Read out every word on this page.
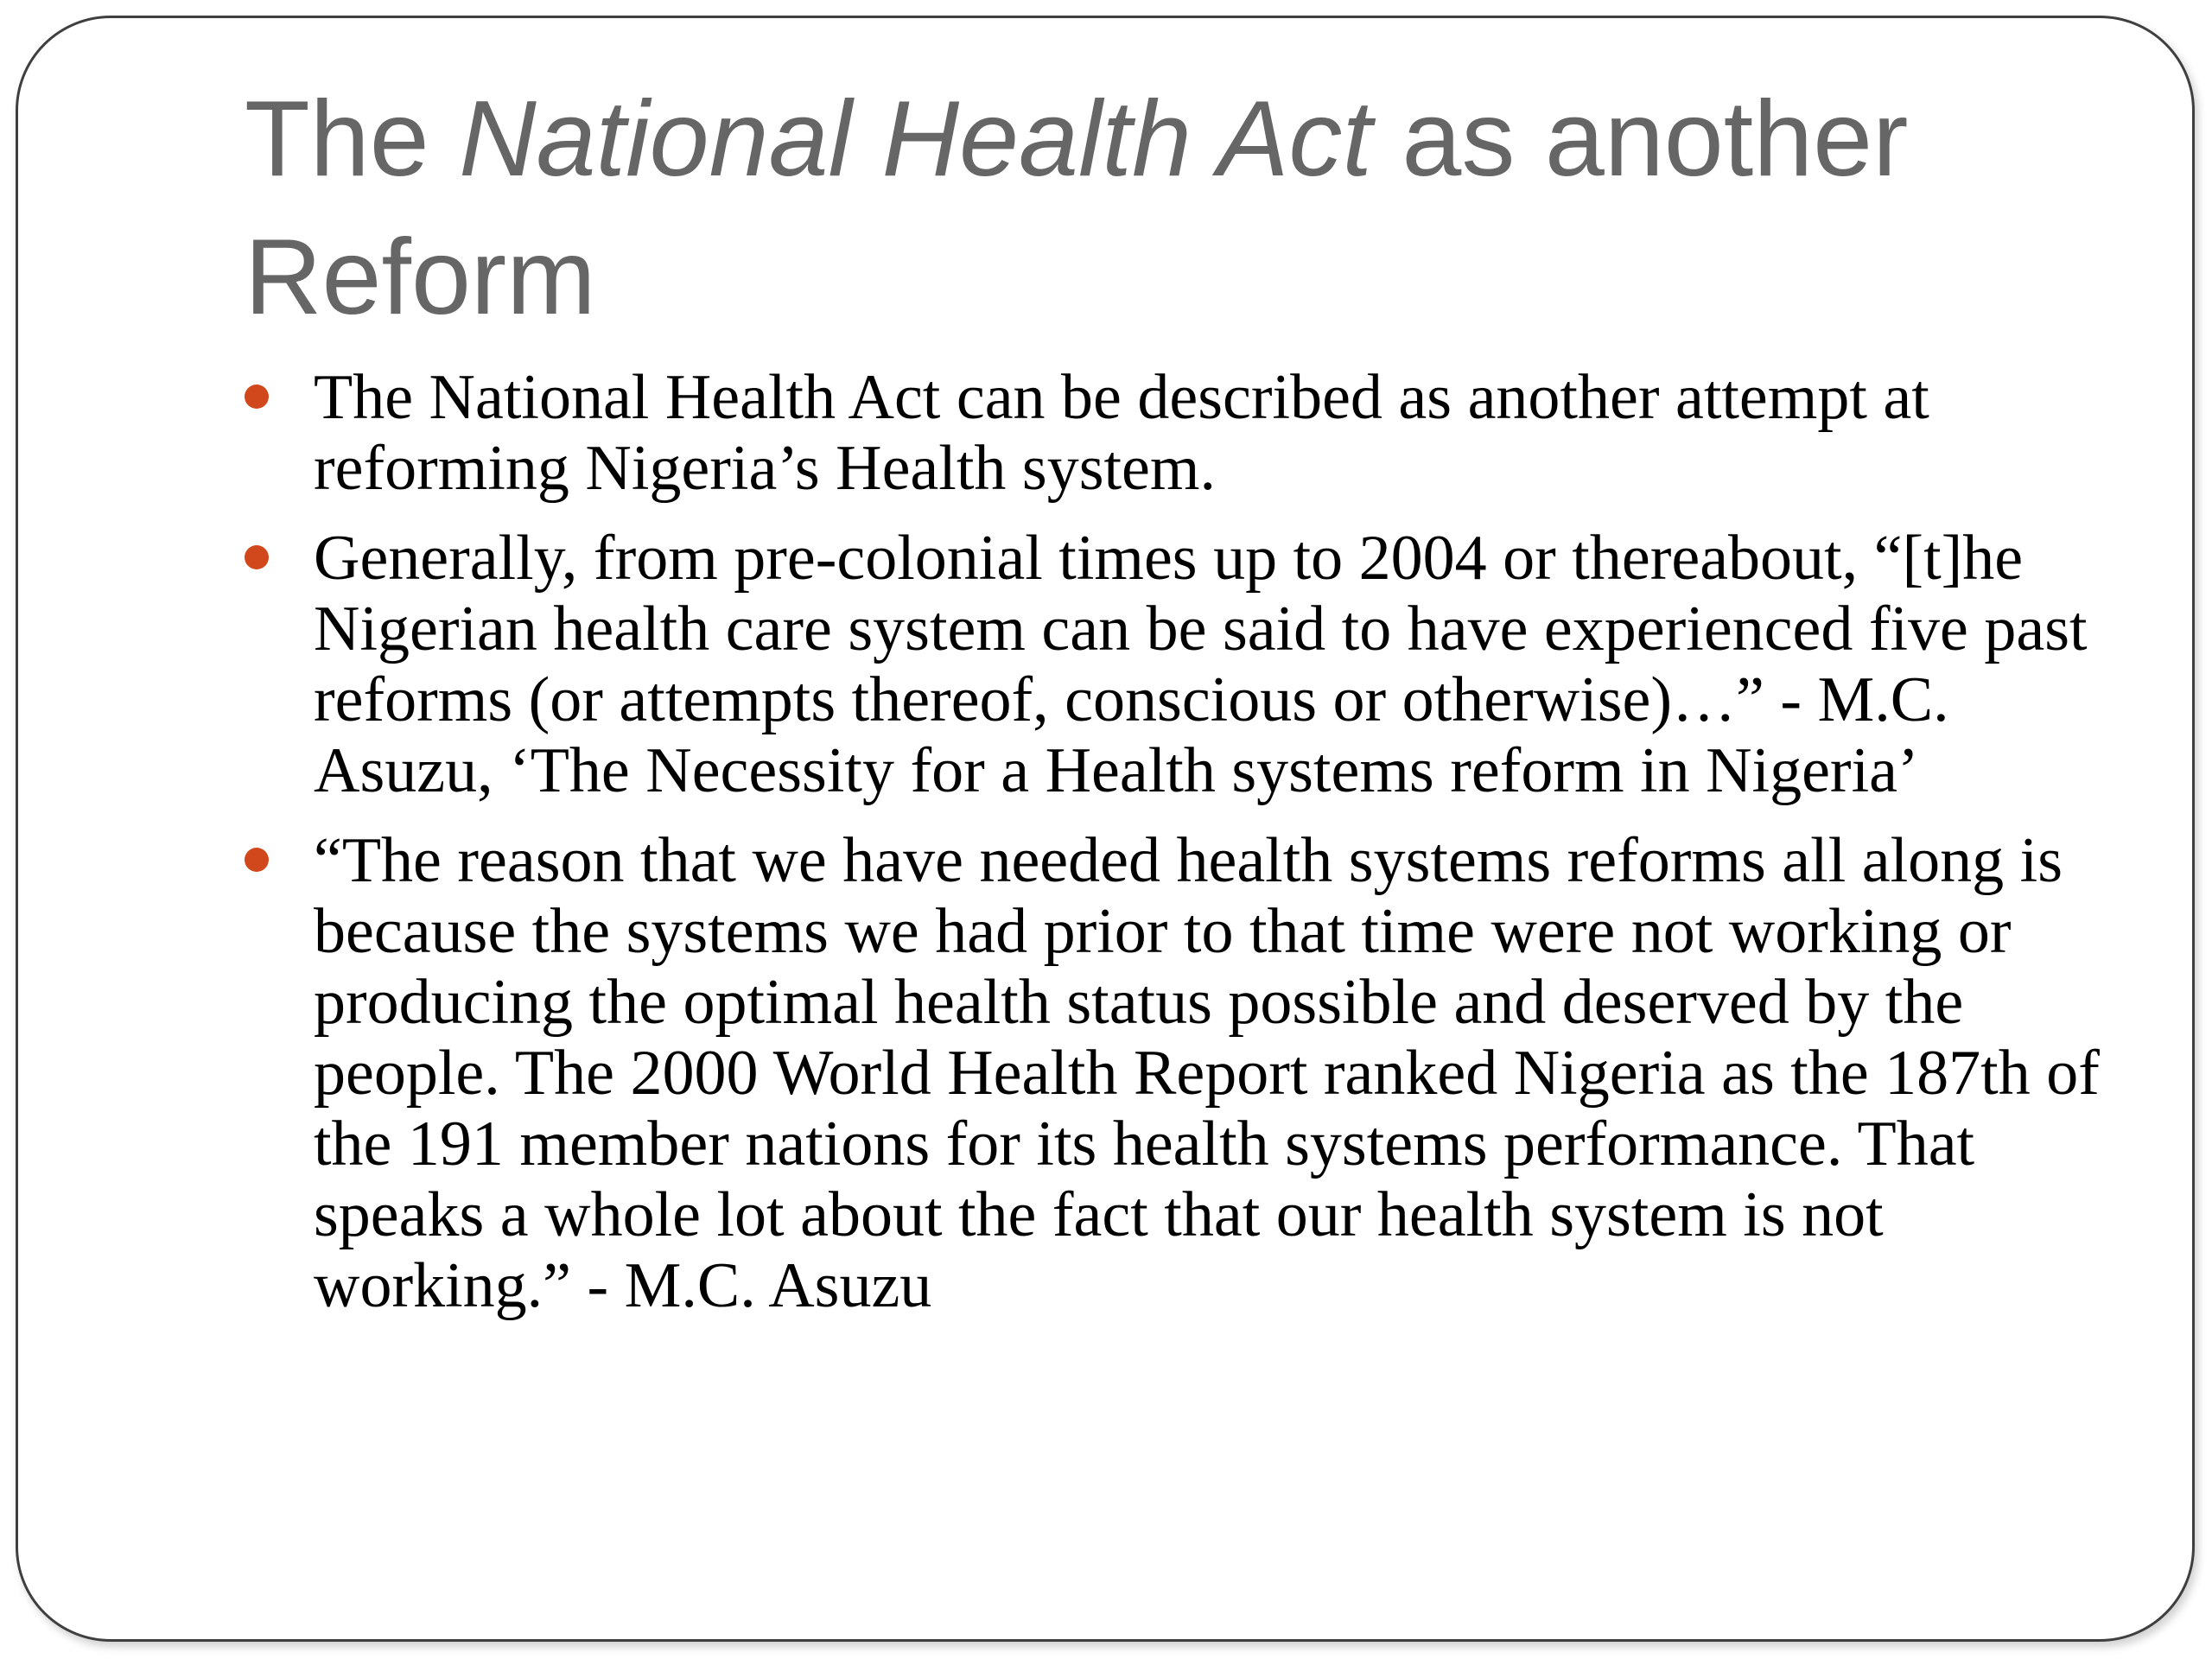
The National Health Act as another Reform
The National Health Act can be described as another attempt at reforming Nigeria’s Health system.
Generally, from pre-colonial times up to 2004 or thereabout, “[t]he Nigerian health care system can be said to have experienced five past reforms (or attempts thereof, conscious or otherwise)…” - M.C. Asuzu, ‘The Necessity for a Health systems reform in Nigeria’
“The reason that we have needed health systems reforms all along is because the systems we had prior to that time were not working or producing the optimal health status possible and deserved by the people. The 2000 World Health Report ranked Nigeria as the 187th of the 191 member nations for its health systems performance. That speaks a whole lot about the fact that our health system is not working.” - M.C. Asuzu
